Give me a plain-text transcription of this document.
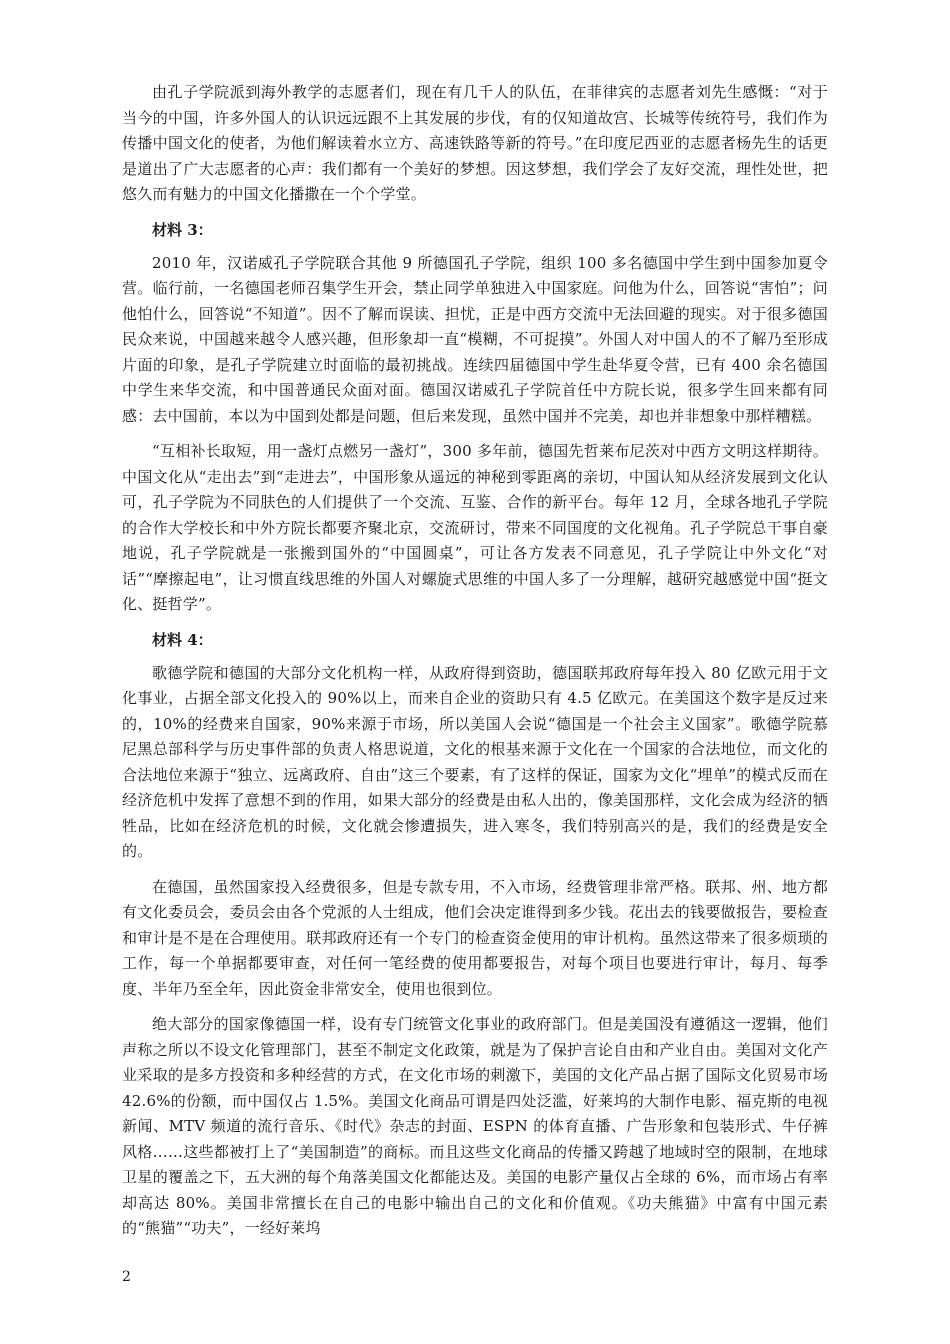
由孔子学院派到海外教学的志愿者们，现在有几千人的队伍，在菲律宾的志愿者刘先生感慨：“对于当今的中国，许多外国人的认识远远跟不上其发展的步伐，有的仅知道故宫、长城等传统符号，我们作为传播中国文化的使者，为他们解读着水立方、高速铁路等新的符号。”在印度尼西亚的志愿者杨先生的话更是道出了广大志愿者的心声：我们都有一个美好的梦想。因这梦想，我们学会了友好交流，理性处世，把悠久而有魅力的中国文化播撒在一个个学堂。

材料 3：

2010 年，汉诺威孔子学院联合其他 9 所德国孔子学院，组织 100 多名德国中学生到中国参加夏令营。临行前，一名德国老师召集学生开会，禁止同学单独进入中国家庭。问他为什么，回答说“害怕”；问他怕什么，回答说“不知道”。因不了解而误读、担忧，正是中西方交流中无法回避的现实。对于很多德国民众来说，中国越来越令人感兴趣，但形象却一直“模糊，不可捉摸”。外国人对中国人的不了解乃至形成片面的印象，是孔子学院建立时面临的最初挑战。连续四届德国中学生赴华夏令营，已有 400 余名德国中学生来华交流，和中国普通民众面对面。德国汉诺威孔子学院首任中方院长说，很多学生回来都有同感：去中国前，本以为中国到处都是问题，但后来发现，虽然中国并不完美，却也并非想象中那样糟糕。

“互相补长取短，用一盏灯点燃另一盏灯”，300 多年前，德国先哲莱布尼茨对中西方文明这样期待。中国文化从“走出去”到“走进去”，中国形象从遥远的神秘到零距离的亲切，中国认知从经济发展到文化认可，孔子学院为不同肤色的人们提供了一个交流、互鉴、合作的新平台。每年 12 月，全球各地孔子学院的合作大学校长和中外方院长都要齐聚北京，交流研讨，带来不同国度的文化视角。孔子学院总干事自豪地说，孔子学院就是一张搬到国外的“中国圆桌”，可让各方发表不同意见，孔子学院让中外文化“对话”“摩擦起电”，让习惯直线思维的外国人对螺旋式思维的中国人多了一分理解，越研究越感觉中国“挺文化、挺哲学”。

材料 4：

歌德学院和德国的大部分文化机构一样，从政府得到资助，德国联邦政府每年投入 80 亿欧元用于文化事业，占据全部文化投入的 90%以上，而来自企业的资助只有 4.5 亿欧元。在美国这个数字是反过来的，10%的经费来自国家，90%来源于市场，所以美国人会说“德国是一个社会主义国家”。歌德学院慕尼黑总部科学与历史事件部的负责人格思说道，文化的根基来源于文化在一个国家的合法地位，而文化的合法地位来源于“独立、远离政府、自由”这三个要素，有了这样的保证，国家为文化“埋单”的模式反而在经济危机中发挥了意想不到的作用，如果大部分的经费是由私人出的，像美国那样，文化会成为经济的牺牲品，比如在经济危机的时候，文化就会惨遭损失，进入寒冬，我们特别高兴的是，我们的经费是安全的。

在德国，虽然国家投入经费很多，但是专款专用，不入市场，经费管理非常严格。联邦、州、地方都有文化委员会，委员会由各个党派的人士组成，他们会决定谁得到多少钱。花出去的钱要做报告，要检查和审计是不是在合理使用。联邦政府还有一个专门的检查资金使用的审计机构。虽然这带来了很多烦琐的工作，每一个单据都要审查，对任何一笔经费的使用都要报告，对每个项目也要进行审计，每月、每季度、半年乃至全年，因此资金非常安全，使用也很到位。

绝大部分的国家像德国一样，设有专门统管文化事业的政府部门。但是美国没有遵循这一逻辑，他们声称之所以不设文化管理部门，甚至不制定文化政策，就是为了保护言论自由和产业自由。美国对文化产业采取的是多方投资和多种经营的方式，在文化市场的刺激下，美国的文化产品占据了国际文化贸易市场 42.6%的份额，而中国仅占 1.5%。美国文化商品可谓是四处泛滥，好莱坞的大制作电影、福克斯的电视新闻、MTV 频道的流行音乐、《时代》杂志的封面、ESPN 的体育直播、广告形象和包装形式、牛仔裤风格……这些都被打上了“美国制造”的商标。而且这些文化商品的传播又跨越了地域时空的限制，在地球卫星的覆盖之下，五大洲的每个角落美国文化都能达及。美国的电影产量仅占全球的 6%，而市场占有率却高达 80%。美国非常擅长在自己的电影中输出自己的文化和价值观。《功夫熊猫》中富有中国元素的“熊猫”“功夫”，一经好莱坞

2
